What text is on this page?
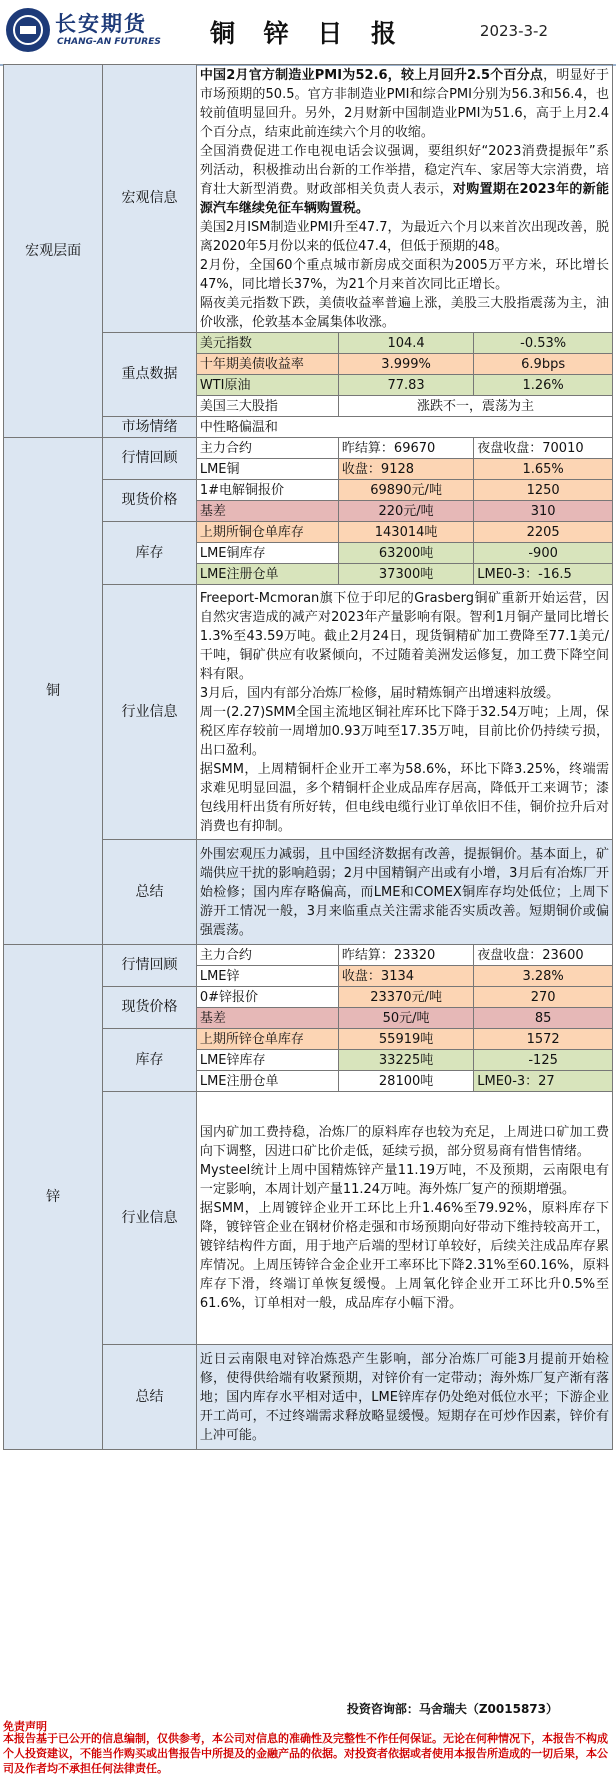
长安期货
CHANG-AN FUTURES	铜 锌 日 报	2023-3-2
宏观层面	宏观信息	中国2月官方制造业PMI为52.6，较上月回升2.5个百分点，明显好于市场预期的50.5。官方非制造业PMI和综合PMI分别为56.3和56.4，也较前值明显回升。另外，2月财新中国制造业PMI为51.6，高于上月2.4个百分点，结束此前连续六个月的收缩。
全国消费促进工作电视电话会议强调，要组织好“2023消费提振年”系列活动，积极推动出台新的工作举措，稳定汽车、家居等大宗消费，培育壮大新型消费。财政部相关负责人表示，对购置期在2023年的新能源汽车继续免征车辆购置税。
美国2月ISM制造业PMI升至47.7，为最近六个月以来首次出现改善，脱离2020年5月份以来的低位47.4，但低于预期的48。
2月份，全国60个重点城市新房成交面积为2005万平方米，环比增长47%，同比增长37%，为21个月来首次同比正增长。
隔夜美元指数下跌，美债收益率普遍上涨，美股三大股指震荡为主，油价收涨，伦敦基本金属集体收涨。		

	重点数据	美元指数	104.4	-0.53%
		十年期美债收益率	3.999%	6.9bps
		WTI原油	77.83	1.26%
		美国三大股指	涨跌不一，震荡为主	
	市场情绪	中性略偏温和		
铜	行情回顾	主力合约	昨结算：69670	夜盘收盘：70010
		LME铜	收盘：9128	1.65%
	现货价格	1#电解铜报价	69890元/吨	1250
		基差	220元/吨	310
	库存	上期所铜仓单库存	143014吨	2205
		LME铜库存	63200吨	-900
		LME注册仓单	37300吨	LME0-3：-16.5
	行业信息	Freeport-Mcmoran旗下位于印尼的Grasberg铜矿重新开始运营，因自然灾害造成的减产对2023年产量影响有限。智利1月铜产量同比增长1.3%至43.59万吨。截止2月24日，现货铜精矿加工费降至77.1美元/干吨，铜矿供应有收紧倾向，不过随着美洲发运修复，加工费下降空间料有限。
3月后，国内有部分冶炼厂检修，届时精炼铜产出增速料放缓。
周一(2.27)SMM全国主流地区铜社库环比下降于32.54万吨；上周，保税区库存较前一周增加0.93万吨至17.35万吨，目前比价仍持续亏损，出口盈利。
据SMM，上周精铜杆企业开工率为58.6%，环比下降3.25%，终端需求难见明显回温，多个精铜杆企业成品库存居高，降低开工来调节；漆包线用杆出货有所好转，但电线电缆行业订单依旧不佳，铜价拉升后对消费也有抑制。		

	总结	外围宏观压力减弱，且中国经济数据有改善，提振铜价。基本面上，矿端供应干扰的影响趋弱；2月中国精铜产出或有小增，3月后有冶炼厂开始检修；国内库存略偏高，而LME和COMEX铜库存均处低位；上周下游开工情况一般，3月来临重点关注需求能否实质改善。短期铜价或偏强震荡。		
锌	行情回顾	主力合约	昨结算：23320	夜盘收盘：23600
		LME锌	收盘：3134	3.28%
	现货价格	0#锌报价	23370元/吨	270
		基差	50元/吨	85
	库存	上期所锌仓单库存	55919吨	1572
		LME锌库存	33225吨	-125
		LME注册仓单	28100吨	LME0-3：27
	行业信息	国内矿加工费持稳，冶炼厂的原料库存也较为充足，上周进口矿加工费向下调整，因进口矿比价走低，延续亏损，部分贸易商有惜售情绪。
Mysteel统计上周中国精炼锌产量11.19万吨，不及预期，云南限电有一定影响，本周计划产量11.24万吨。海外炼厂复产的预期增强。
据SMM，上周镀锌企业开工环比上升1.46%至79.92%，原料库存下降，镀锌管企业在钢材价格走强和市场预期向好带动下维持较高开工，镀锌结构件方面，用于地产后端的型材订单较好，后续关注成品库存累库情况。上周压铸锌合金企业开工率环比下降2.31%至60.16%，原料库存下滑，终端订单恢复缓慢。上周氧化锌企业开工环比升0.5%至61.6%，订单相对一般，成品库存小幅下滑。		

	总结	近日云南限电对锌冶炼恐产生影响，部分冶炼厂可能3月提前开始检修，使得供给端有收紧预期，对锌价有一定带动；海外炼厂复产渐有落地；国内库存水平相对适中，LME锌库存仍处绝对低位水平；下游企业开工尚可，不过终端需求释放略显缓慢。短期存在可炒作因素，锌价有上冲可能。		
投资咨询部：马舍瑞夫（Z0015873）
免责声明
本报告基于已公开的信息编制，仅供参考，本公司对信息的准确性及完整性不作任何保证。无论在何种情况下，本报告不构成个人投资建议，不能当作购买或出售报告中所提及的金融产品的依据。对投资者依据或者使用本报告所造成的一切后果，本公司及作者均不承担任何法律责任。
